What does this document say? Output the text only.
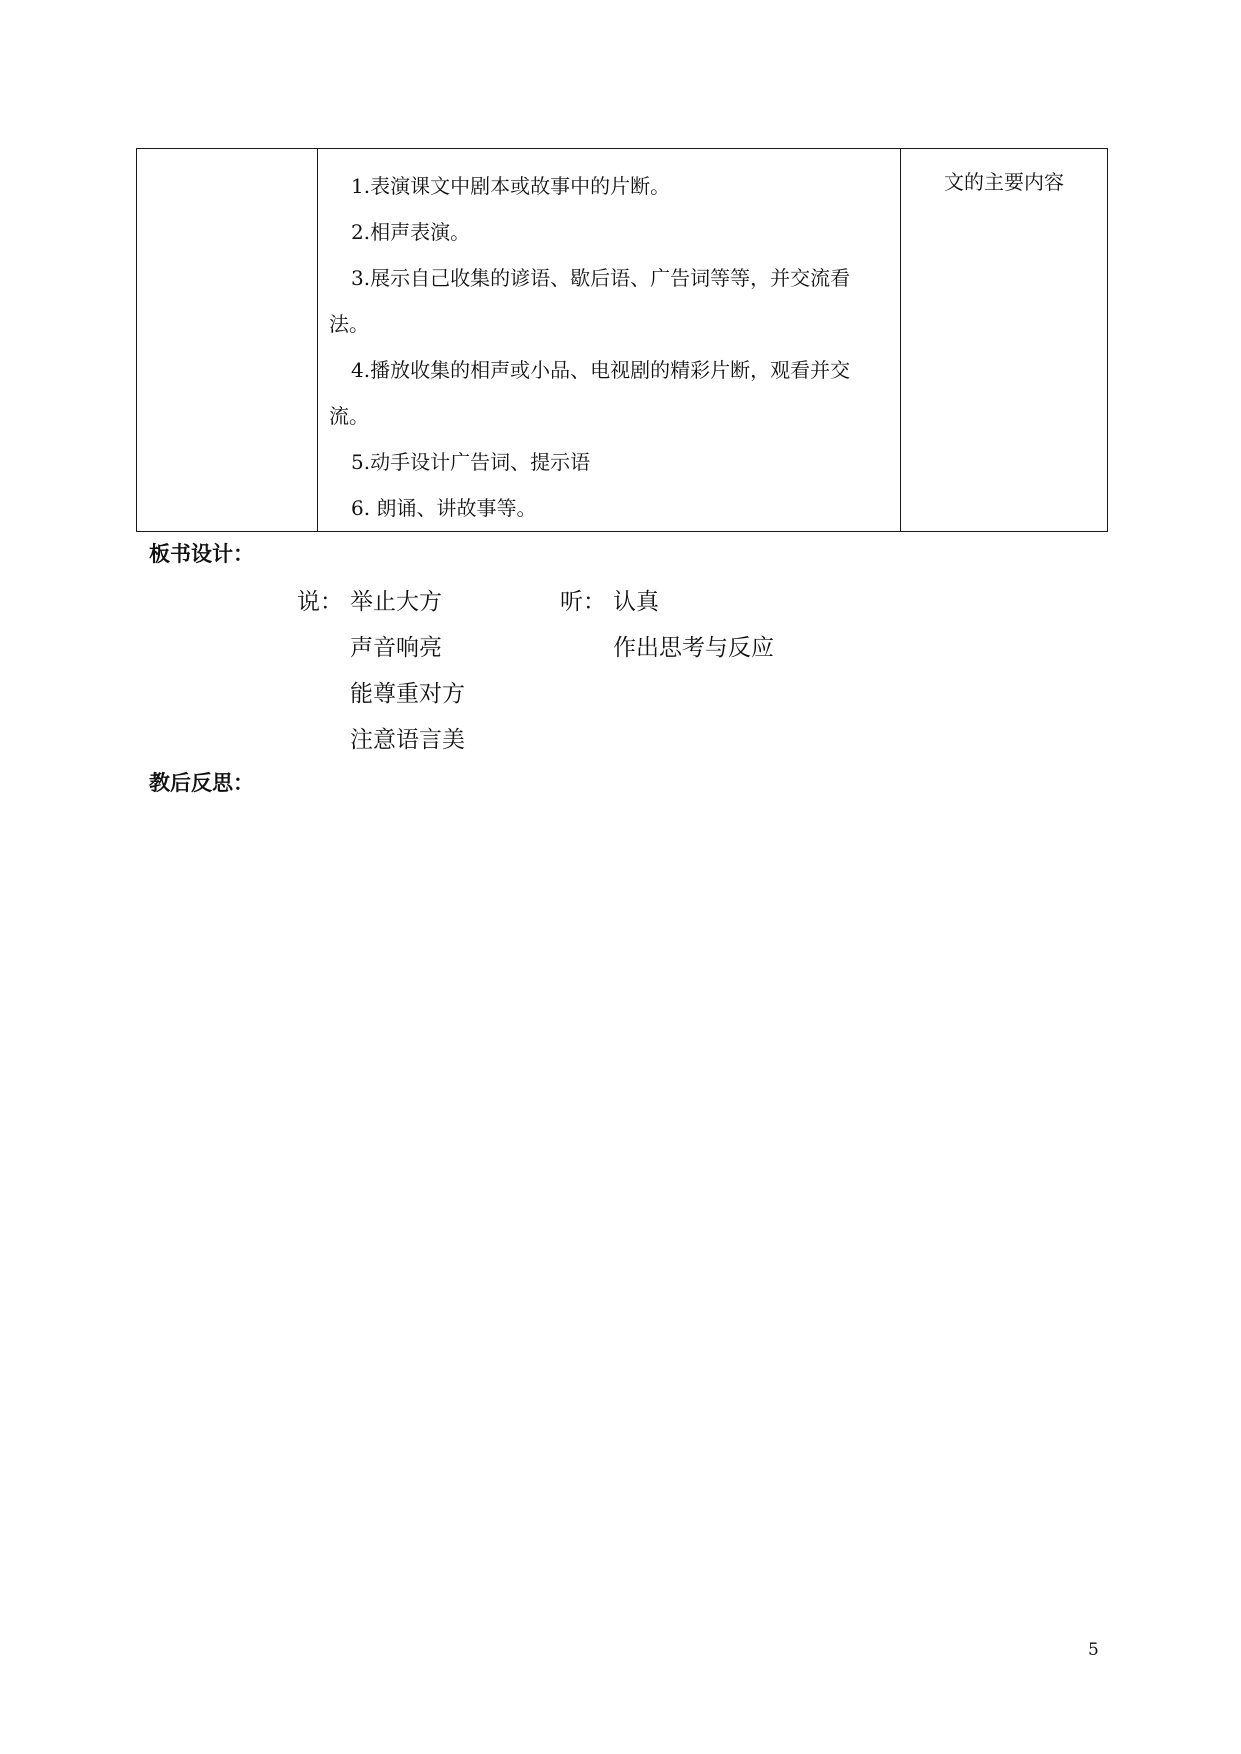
1.表演课文中剧本或故事中的片断。
2.相声表演。
3.展示自己收集的谚语、歇后语、广告词等等，并交流看法。
4.播放收集的相声或小品、电视剧的精彩片断，观看并交流。
5.动手设计广告词、提示语
6. 朗诵、讲故事等。

文的主要内容
板书设计：
说： 举止大方
声音响亮
能尊重对方
注意语言美
听： 认真
作出思考与反应
教后反思：
5
